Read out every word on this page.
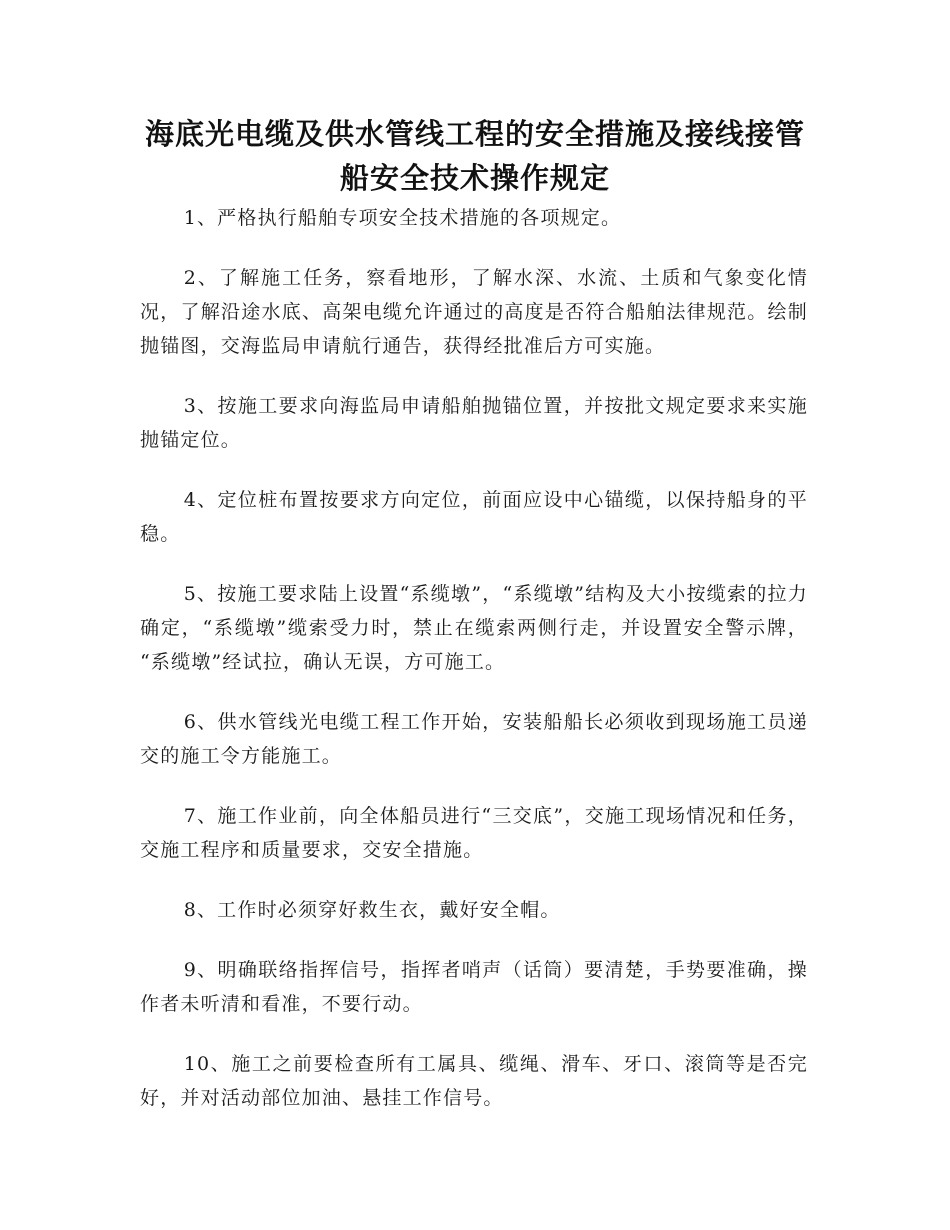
海底光电缆及供水管线工程的安全措施及接线接管船安全技术操作规定

1、严格执行船舶专项安全技术措施的各项规定。

2、了解施工任务，察看地形，了解水深、水流、土质和气象变化情况，了解沿途水底、高架电缆允许通过的高度是否符合船舶法律规范。绘制抛锚图，交海监局申请航行通告，获得经批准后方可实施。

3、按施工要求向海监局申请船舶抛锚位置，并按批文规定要求来实施抛锚定位。

4、定位桩布置按要求方向定位，前面应设中心锚缆，以保持船身的平稳。

5、按施工要求陆上设置“系缆墩”，“系缆墩”结构及大小按缆索的拉力确定，“系缆墩”缆索受力时，禁止在缆索两侧行走，并设置安全警示牌， “系缆墩”经试拉，确认无误，方可施工。

6、供水管线光电缆工程工作开始，安装船船长必须收到现场施工员递交的施工令方能施工。

7、施工作业前，向全体船员进行“三交底”，交施工现场情况和任务，交施工程序和质量要求，交安全措施。

8、工作时必须穿好救生衣，戴好安全帽。

9、明确联络指挥信号，指挥者哨声（话筒）要清楚，手势要准确，操作者未听清和看准，不要行动。

10、施工之前要检查所有工属具、缆绳、滑车、牙口、滚筒等是否完好，并对活动部位加油、悬挂工作信号。
